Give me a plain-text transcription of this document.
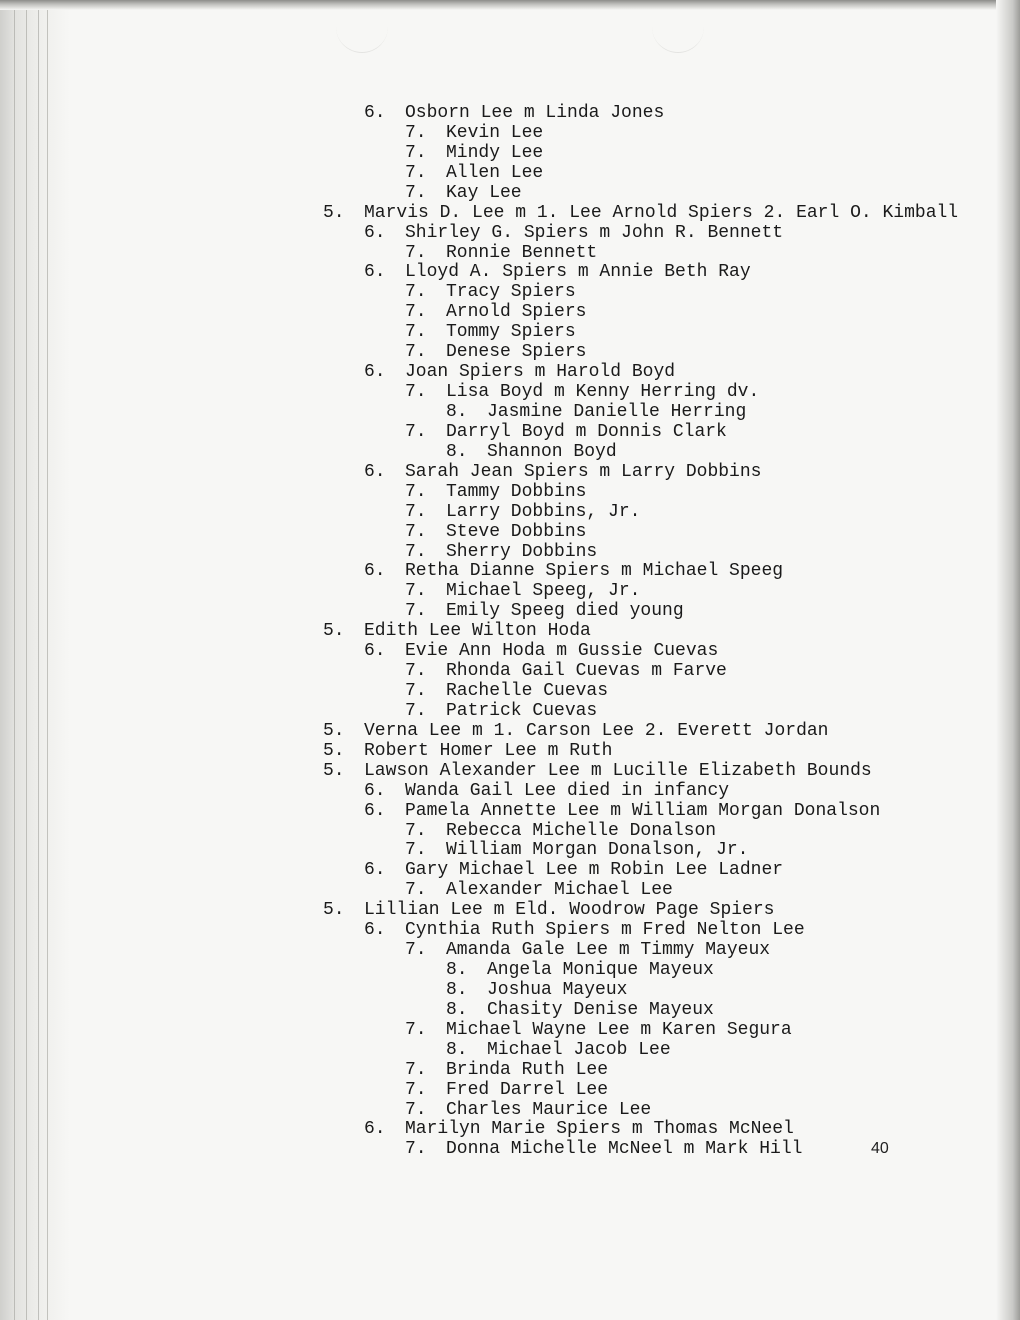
6. Osborn Lee m Linda Jones
7. Kevin Lee
7. Mindy Lee
7. Allen Lee
7. Kay Lee
5. Marvis D. Lee m 1. Lee Arnold Spiers 2. Earl O. Kimball
6. Shirley G. Spiers m John R. Bennett
7. Ronnie Bennett
6. Lloyd A. Spiers m Annie Beth Ray
7. Tracy Spiers
7. Arnold Spiers
7. Tommy Spiers
7. Denese Spiers
6. Joan Spiers m Harold Boyd
7. Lisa Boyd m Kenny Herring dv.
8. Jasmine Danielle Herring
7. Darryl Boyd m Donnis Clark
8. Shannon Boyd
6. Sarah Jean Spiers m Larry Dobbins
7. Tammy Dobbins
7. Larry Dobbins, Jr.
7. Steve Dobbins
7. Sherry Dobbins
6. Retha Dianne Spiers m Michael Speeg
7. Michael Speeg, Jr.
7. Emily Speeg died young
5. Edith Lee Wilton Hoda
6. Evie Ann Hoda m Gussie Cuevas
7. Rhonda Gail Cuevas m Farve
7. Rachelle Cuevas
7. Patrick Cuevas
5. Verna Lee m 1. Carson Lee 2. Everett Jordan
5. Robert Homer Lee m Ruth
5. Lawson Alexander Lee m Lucille Elizabeth Bounds
6. Wanda Gail Lee died in infancy
6. Pamela Annette Lee m William Morgan Donalson
7. Rebecca Michelle Donalson
7. William Morgan Donalson, Jr.
6. Gary Michael Lee m Robin Lee Ladner
7. Alexander Michael Lee
5. Lillian Lee m Eld. Woodrow Page Spiers
6. Cynthia Ruth Spiers m Fred Nelton Lee
7. Amanda Gale Lee m Timmy Mayeux
8. Angela Monique Mayeux
8. Joshua Mayeux
8. Chasity Denise Mayeux
7. Michael Wayne Lee m Karen Segura
8. Michael Jacob Lee
7. Brinda Ruth Lee
7. Fred Darrel Lee
7. Charles Maurice Lee
6. Marilyn Marie Spiers m Thomas McNeel
7. Donna Michelle McNeel m Mark Hill	40
